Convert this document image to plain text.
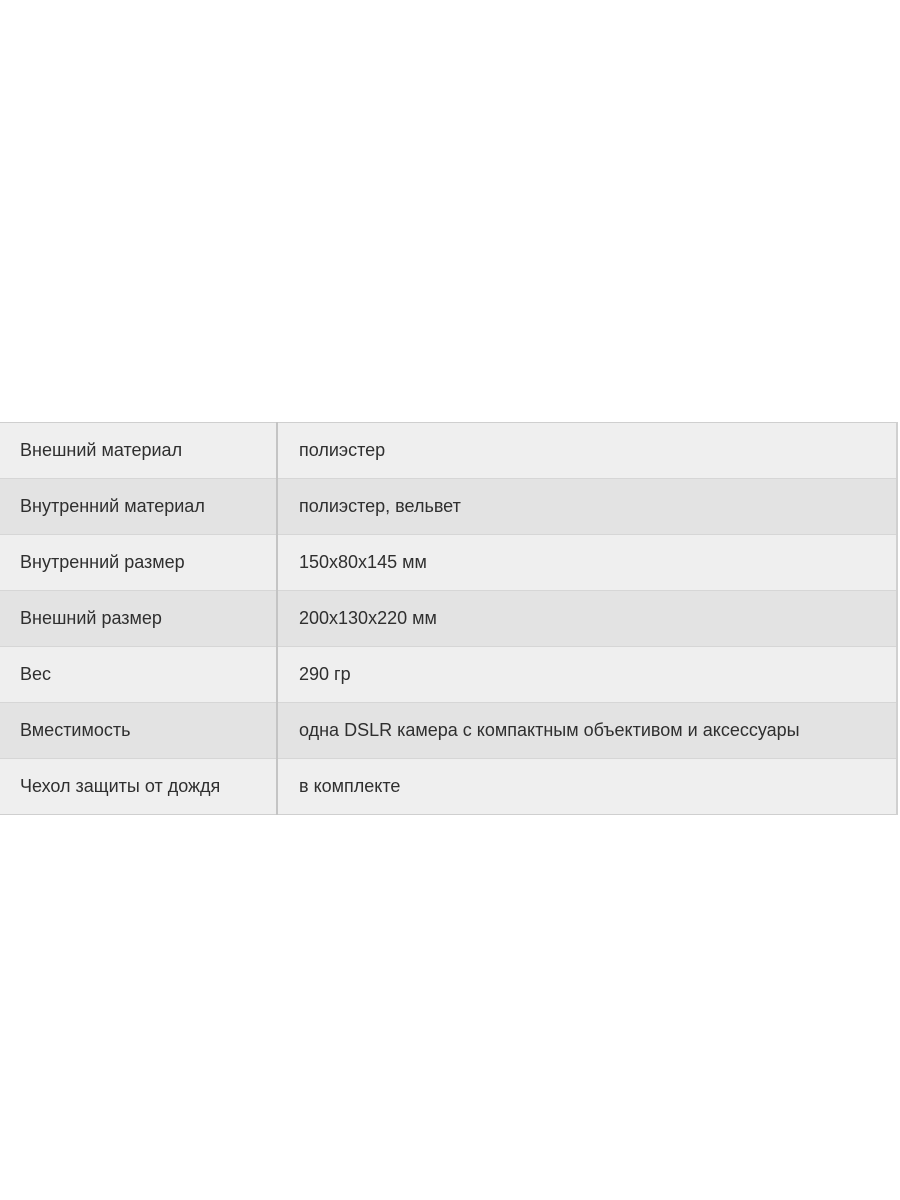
Внешний материал	полиэстер
Внутренний материал	полиэстер, вельвет
Внутренний размер	150x80x145 мм
Внешний размер	200x130x220 мм
Вес	290 гр
Вместимость	одна DSLR камера с компактным объективом и аксессуары
Чехол защиты от дождя	в комплекте
